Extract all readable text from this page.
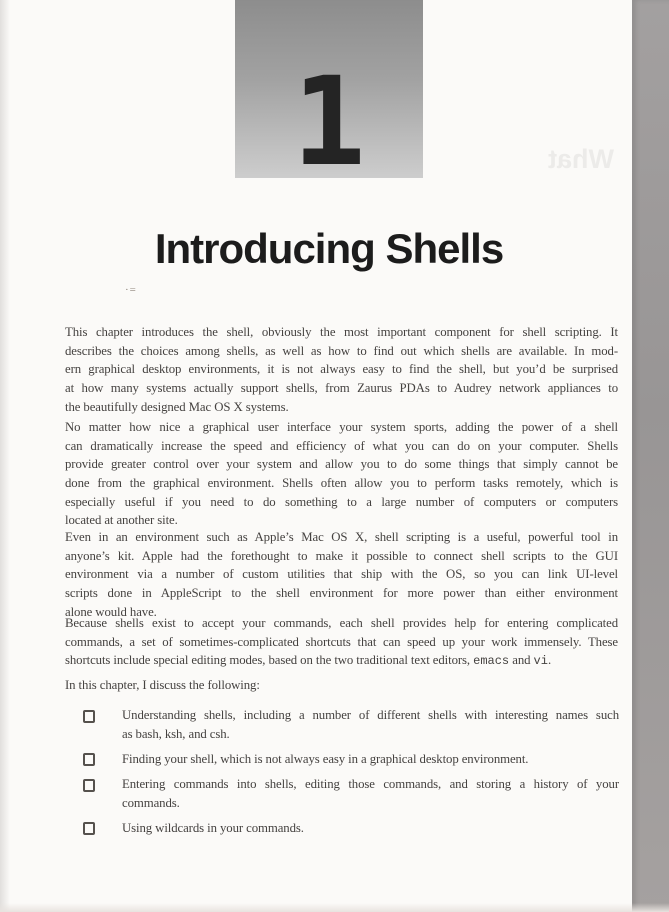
1	What
Introducing Shells
·=
This chapter introduces the shell, obviously the most important component for shell scripting. It
describes the choices among shells, as well as how to find out which shells are available. In mod-
ern graphical desktop environments, it is not always easy to find the shell, but you’d be surprised
at how many systems actually support shells, from Zaurus PDAs to Audrey network appliances to
the beautifully designed Mac OS X systems.
No matter how nice a graphical user interface your system sports, adding the power of a shell
can dramatically increase the speed and efficiency of what you can do on your computer. Shells
provide greater control over your system and allow you to do some things that simply cannot be
done from the graphical environment. Shells often allow you to perform tasks remotely, which is
especially useful if you need to do something to a large number of computers or computers
located at another site.
Even in an environment such as Apple’s Mac OS X, shell scripting is a useful, powerful tool in
anyone’s kit. Apple had the forethought to make it possible to connect shell scripts to the GUI
environment via a number of custom utilities that ship with the OS, so you can link UI-level
scripts done in AppleScript to the shell environment for more power than either environment
alone would have.
Because shells exist to accept your commands, each shell provides help for entering complicated
commands, a set of sometimes-complicated shortcuts that can speed up your work immensely. These
shortcuts include special editing modes, based on the two traditional text editors, emacs and vi.
In this chapter, I discuss the following:
Understanding shells, including a number of different shells with interesting names such
as bash, ksh, and csh.
Finding your shell, which is not always easy in a graphical desktop environment.
Entering commands into shells, editing those commands, and storing a history of your
commands.
Using wildcards in your commands.
